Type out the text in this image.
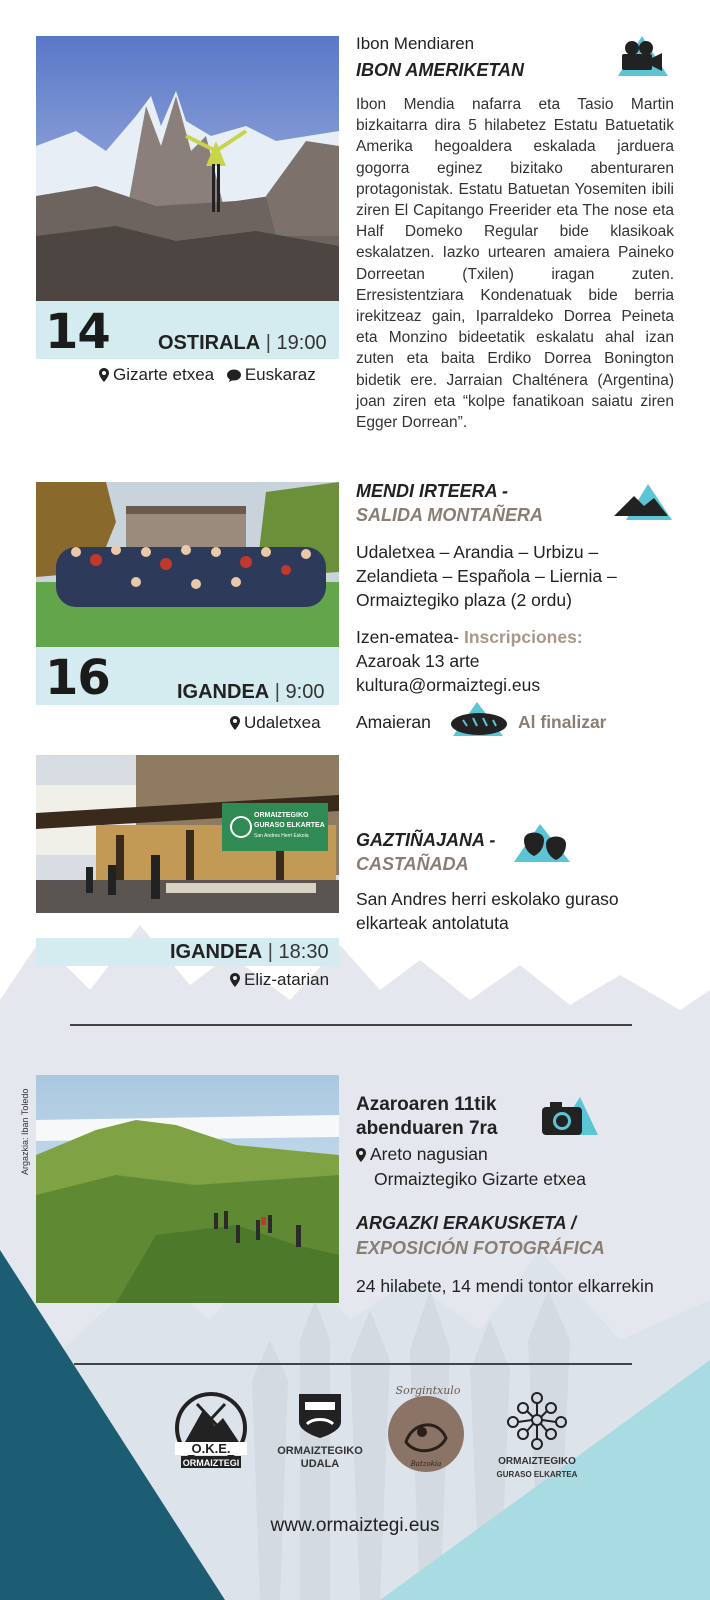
14 OSTIRALA | 19:00
Gizarte etxea Euskaraz
Ibon Mendiaren
IBON AMERIKETAN
Ibon Mendia nafarra eta Tasio Martin bizkaitarra dira 5 hilabetez Estatu Batuetatik Amerika hegoaldera eskalada jarduera gogorra eginez bizitako abenturaren protagonistak. Estatu Batuetan Yosemiten ibili ziren El Capitango Freerider eta The nose eta Half Domeko Regular bide klasikoak eskalatzen. Iazko urtearen amaiera Paineko Dorreetan (Txilen) iragan zuten. Erresistentziara Kondenatuak bide berria irekitzeaz gain, Iparraldeko Dorrea Peineta eta Monzino bideetatik eskalatu ahal izan zuten eta baita Erdiko Dorrea Bonington bidetik ere. Jarraian Chalténera (Argentina) joan ziren eta “kolpe fanatikoan saiatu ziren Egger Dorrean”.
16	IGANDEA | 9:00
Udaletxea
MENDI IRTEERA -
SALIDA MONTAÑERA
Udaletxea – Arandia – Urbizu – Zelandieta – Española – Liernia – Ormaiztegiko plaza (2 ordu)
Izen-ematea- Inscripciones:
Azaroak 13 arte
kultura@ormaiztegi.eus
Amaieran	Al finalizar
ORMAIZTEGIKO
GURASO ELKARTEA
San Andres Herri Eskola
IGANDEA | 18:30
Eliz-atarian
GAZTIÑAJANA -
CASTAÑADA
San Andres herri eskolako guraso elkarteak antolatuta
Argazkia: Iban Toledo	Azaroaren 11tik
abenduaren 7ra
Areto nagusian
Ormaiztegiko Gizarte etxea
ARGAZKI ERAKUSKETA /
EXPOSICIÓN FOTOGRÁFICA
24 hilabete, 14 mendi tontor elkarrekin
O.K.E.
ORMAIZTEGI
ORMAIZTEGIKO
UDALA
Sorgintxulo
Batzokia	ORMAIZTEGIKO
GURASO ELKARTEA
www.ormaiztegi.eus
